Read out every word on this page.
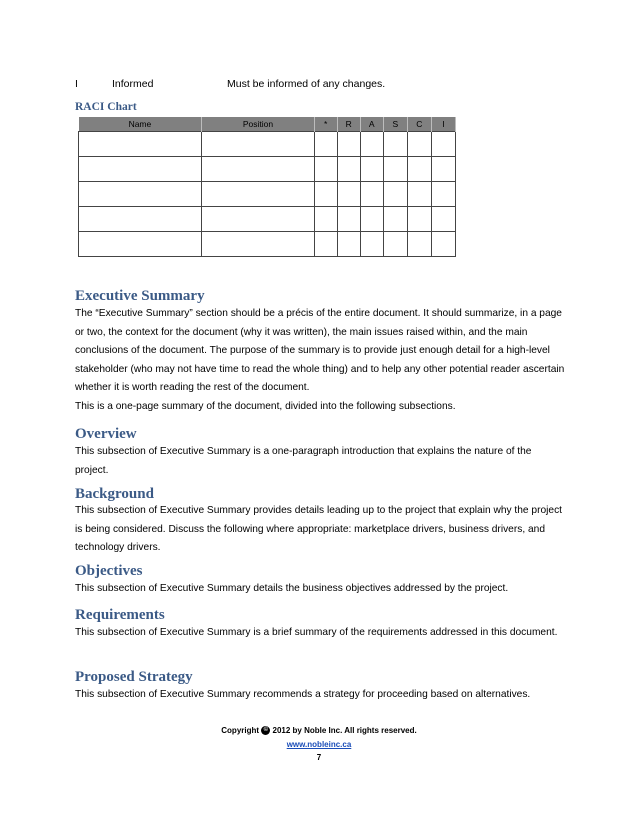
I	Informed	Must be informed of any changes.
RACI Chart
Name	Position	*	R	A	S	C	I

Executive Summary
The “Executive Summary” section should be a précis of the entire document. It should summarize, in a page or two, the context for the document (why it was written), the main issues raised within, and the main conclusions of the document. The purpose of the summary is to provide just enough detail for a high-level stakeholder (who may not have time to read the whole thing) and to help any other potential reader ascertain whether it is worth reading the rest of the document.
This is a one-page summary of the document, divided into the following subsections.
Overview
This subsection of Executive Summary is a one-paragraph introduction that explains the nature of the project.
Background
This subsection of Executive Summary provides details leading up to the project that explain why the project is being considered. Discuss the following where appropriate: marketplace drivers, business drivers, and technology drivers.
Objectives
This subsection of Executive Summary details the business objectives addressed by the project.
Requirements
This subsection of Executive Summary is a brief summary of the requirements addressed in this document.
Proposed Strategy
This subsection of Executive Summary recommends a strategy for proceeding based on alternatives.
Copyright © 2012 by Noble Inc. All rights reserved.
www.nobleinc.ca
7
